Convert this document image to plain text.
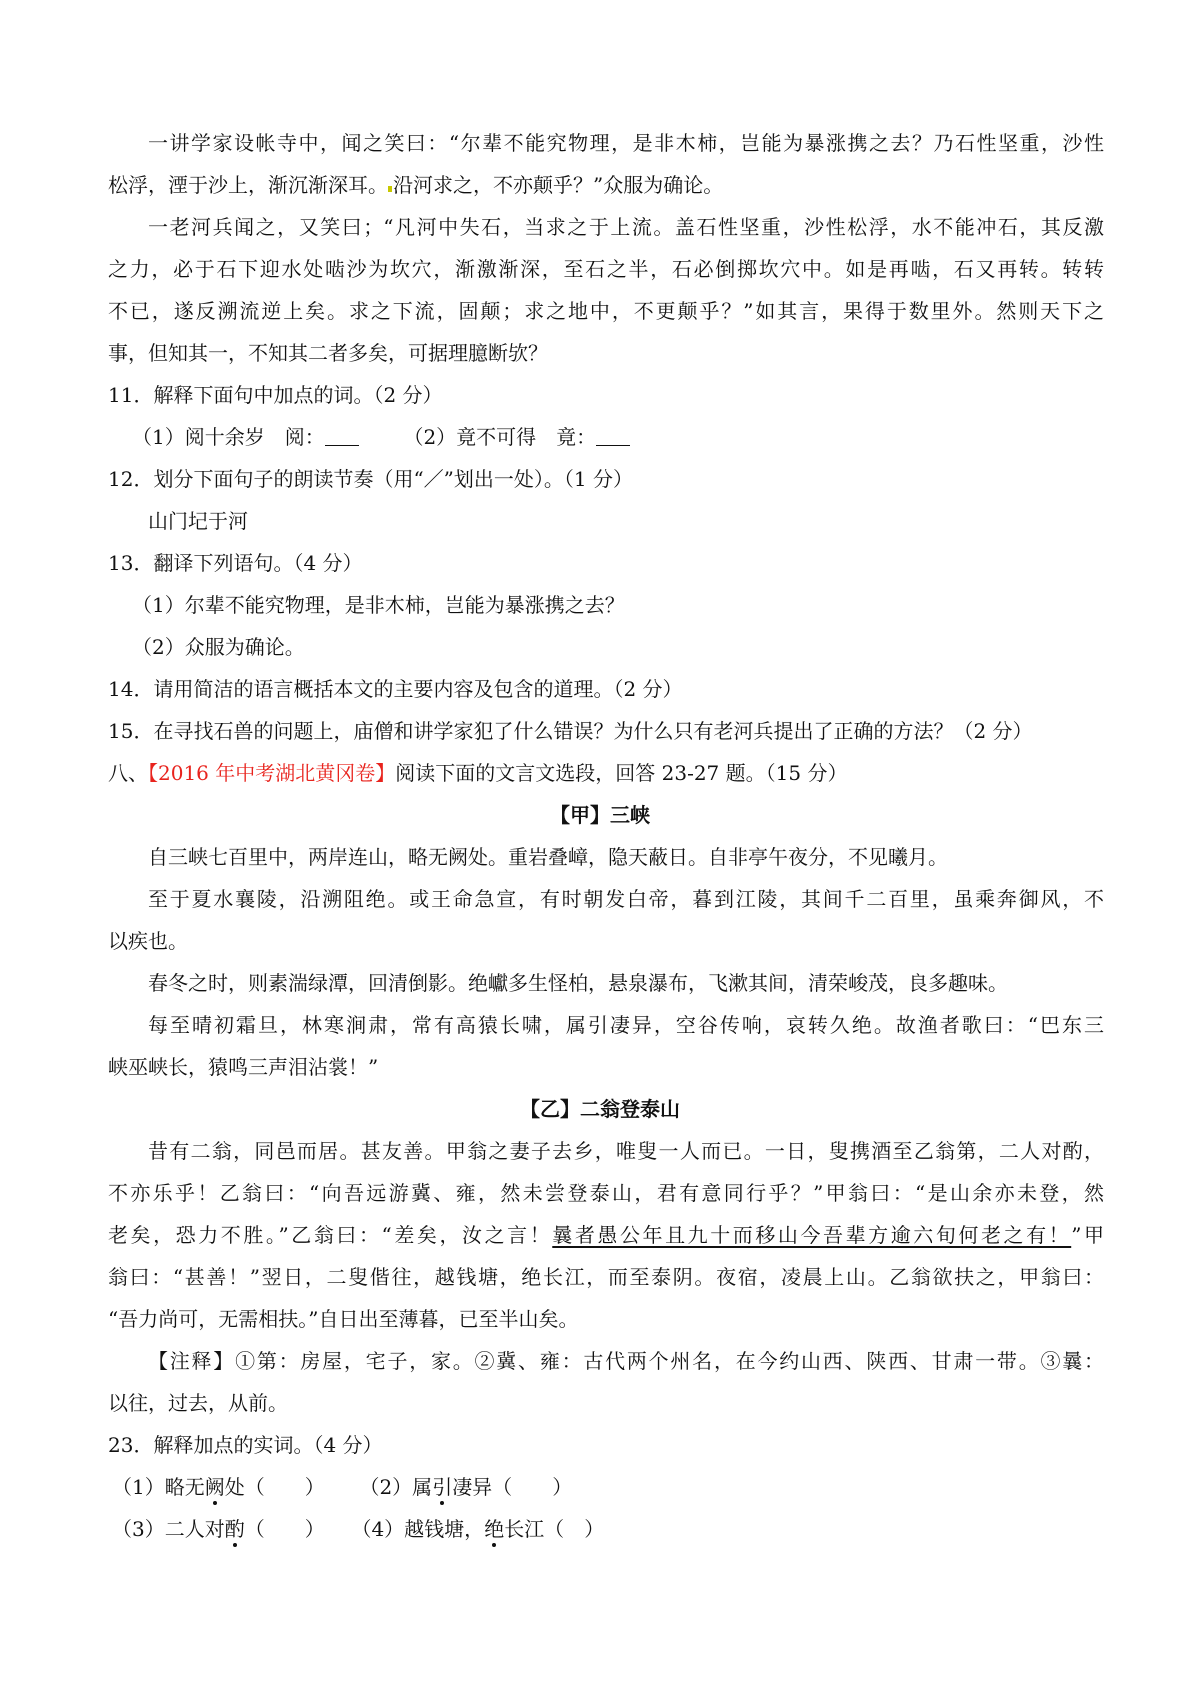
一讲学家设帐寺中，闻之笑曰：“尔辈不能究物理，是非木柿，岂能为暴涨携之去？乃石性坚重，沙性
松浮，湮于沙上，渐沉渐深耳。 沿河求之，不亦颠乎？”众服为确论。
一老河兵闻之，又笑曰；“凡河中失石，当求之于上流。盖石性坚重，沙性松浮，水不能冲石，其反激
之力，必于石下迎水处啮沙为坎穴，渐激渐深，至石之半，石必倒掷坎穴中。如是再啮，石又再转。转转
不已，遂反溯流逆上矣。求之下流，固颠；求之地中，不更颠乎？”如其言，果得于数里外。然则天下之
事，但知其一，不知其二者多矣，可据理臆断欤？
11．解释下面句中加点的词。（2 分）
（1）阅十余岁　阅：	（2）竟不可得　竟：
12．划分下面句子的朗读节奏（用“／”划出一处）。（1 分）
山门圮于河
13．翻译下列语句。（4 分）
（1）尔辈不能究物理，是非木柿，岂能为暴涨携之去？
（2）众服为确论。
14．请用简洁的语言概括本文的主要内容及包含的道理。（2 分）
15．在寻找石兽的问题上，庙僧和讲学家犯了什么错误？为什么只有老河兵提出了正确的方法？（2 分）
八、【2016 年中考湖北黄冈卷】阅读下面的文言文选段，回答 23-27 题。（15 分）
【甲】三峡
自三峡七百里中，两岸连山，略无阙处。重岩叠嶂，隐天蔽日。自非亭午夜分，不见曦月。
至于夏水襄陵，沿溯阻绝。或王命急宣，有时朝发白帝，暮到江陵，其间千二百里，虽乘奔御风，不
以疾也。
春冬之时，则素湍绿潭，回清倒影。绝巘多生怪柏，悬泉瀑布，飞漱其间，清荣峻茂，良多趣味。
每至晴初霜旦，林寒涧肃，常有高猿长啸，属引凄异，空谷传响，哀转久绝。故渔者歌曰：“巴东三
峡巫峡长，猿鸣三声泪沾裳！”
【乙】二翁登泰山
昔有二翁，同邑而居。甚友善。甲翁之妻子去乡，唯叟一人而已。一日，叟携酒至乙翁第，二人对酌，
不亦乐乎！乙翁曰：“向吾远游冀、雍，然未尝登泰山，君有意同行乎？”甲翁曰：“是山余亦未登，然
老矣，恐力不胜。”乙翁曰：“差矣，汝之言！曩者愚公年且九十而移山今吾辈方逾六旬何老之有！”甲
翁曰：“甚善！”翌日，二叟偕往，越钱塘，绝长江，而至泰阴。夜宿，凌晨上山。乙翁欲扶之，甲翁曰：
“吾力尚可，无需相扶。”自日出至薄暮，已至半山矣。
【注释】①第：房屋，宅子，家。②冀、雍：古代两个州名，在今约山西、陕西、甘肃一带。③曩：
以往，过去，从前。
23．解释加点的实词。（4 分）
（1）略无阙处（ ） （2）属引凄异（ ）
（3）二人对酌（ ） （4）越钱塘，绝长江（ ）
